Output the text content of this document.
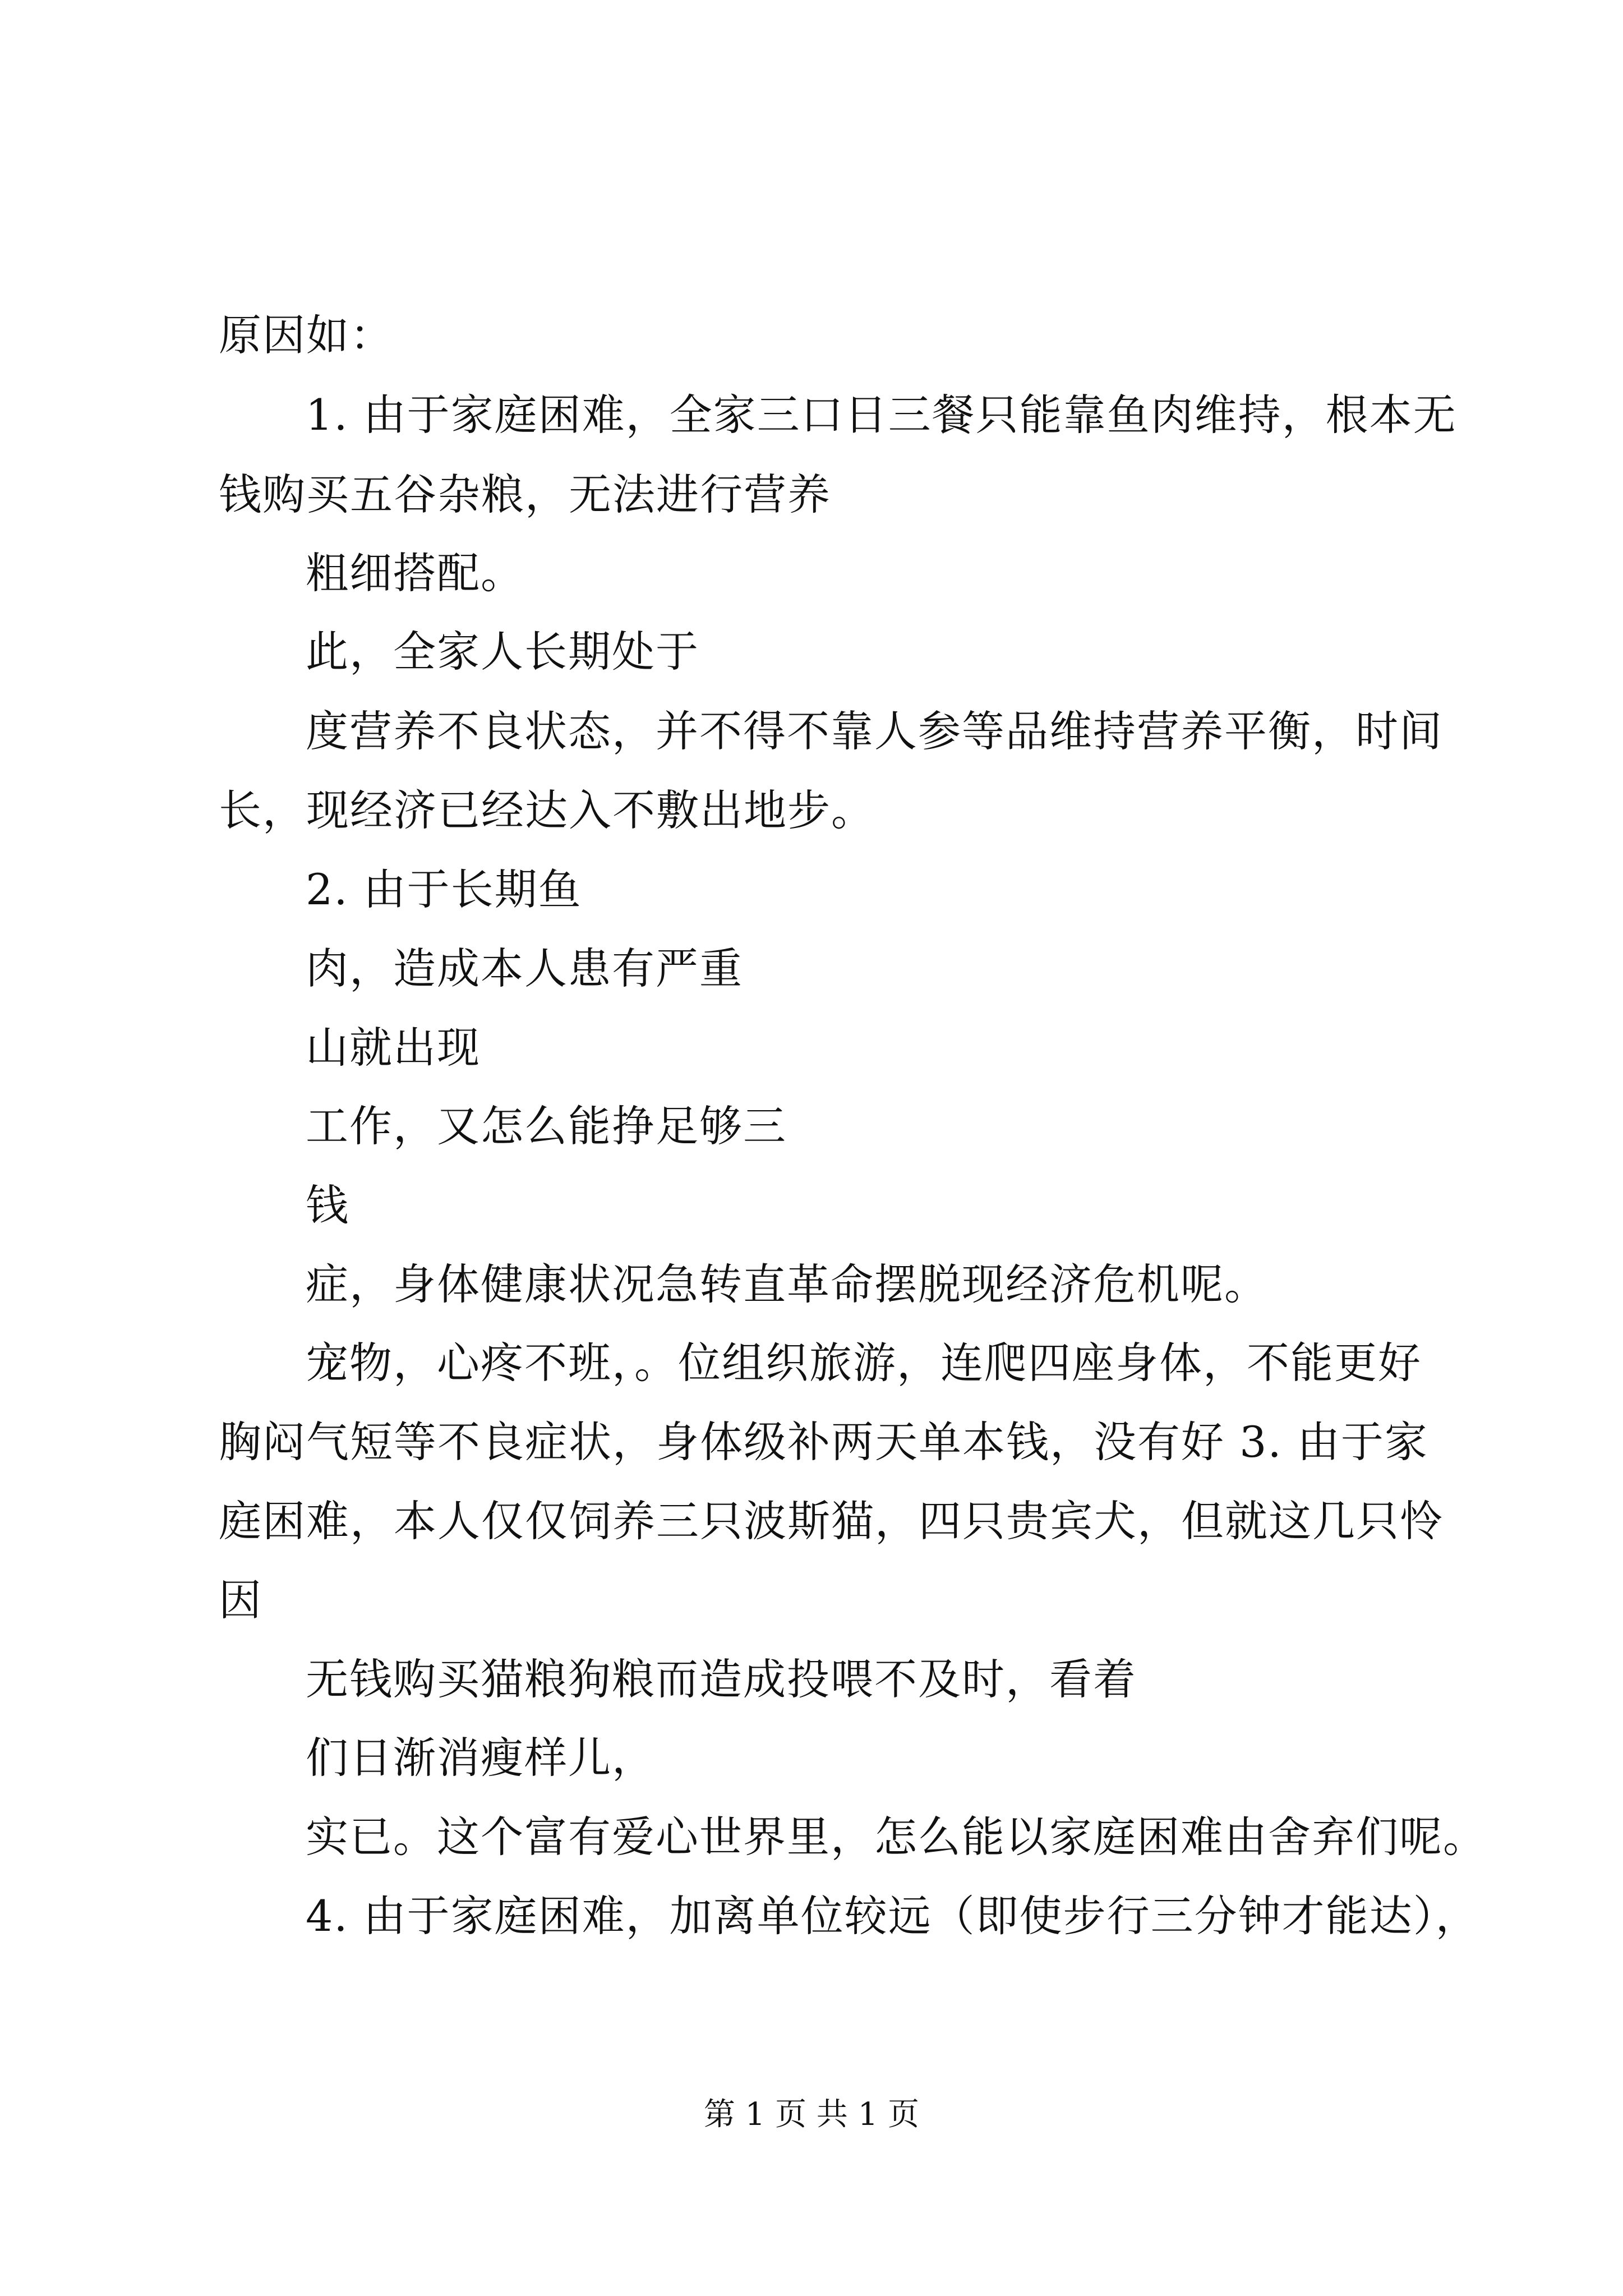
原因如：
1. 由于家庭困难，全家三口日三餐只能靠鱼肉维持，根本无
钱购买五谷杂粮，无法进行营养
粗细搭配。
此，全家人长期处于
度营养不良状态，并不得不靠人参等品维持营养平衡，时间
长，现经济已经达入不敷出地步。
2. 由于长期鱼
肉，造成本人患有严重
山就出现
工作，又怎么能挣足够三
钱
症，身体健康状况急转直革命摆脱现经济危机呢。
宠物，心疼不班，。位组织旅游，连爬四座身体，不能更好
胸闷气短等不良症状，身体级补两天单本钱，没有好 3. 由于家
庭困难，本人仅仅饲养三只波斯猫，四只贵宾犬，但就这几只怜
因
无钱购买猫粮狗粮而造成投喂不及时，看着
们日渐消瘦样儿，
实已。这个富有爱心世界里，怎么能以家庭困难由舍弃们呢。
4. 由于家庭困难，加离单位较远（即使步行三分钟才能达），
第 1 页 共 1 页
